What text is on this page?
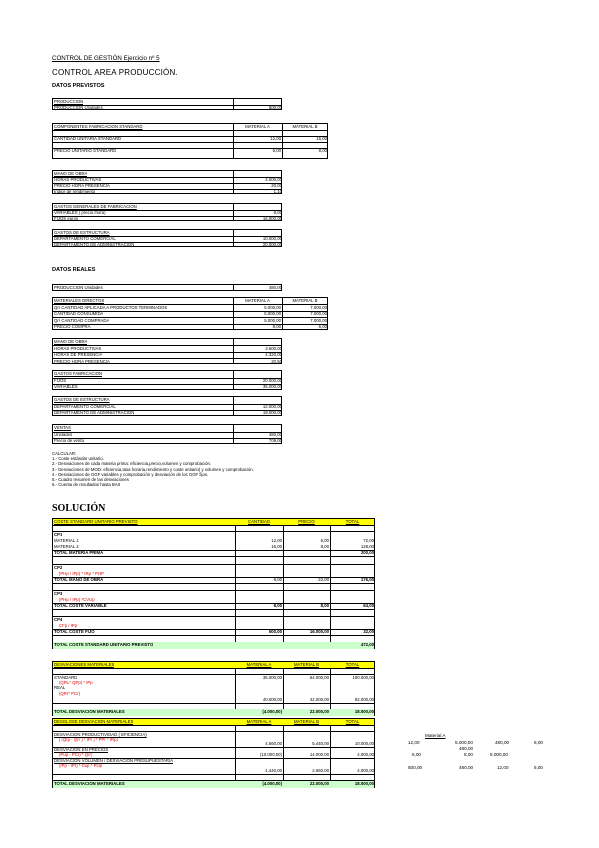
CONTROL DE GESTIÓN Ejercicio nº 5
CONTROL AREA PRODUCCIÓN.
DATOS PREVISTOS
PRODUCCION
PRODUCCION Unidades	500,00
COMPONENTES FABRICACION STANDARD	MATERIAL A	MATERIAL B
CANTIDAD UNITARIA STANDARD	12,00	16,00
PRECIO UNITARIO STANDARD	6,00	8,00
MANO DE OBRA
HORAS PRODUCTIVAS	4.000,00
PRECIO HORA PRESENCIA	20,00
Indice de rendimiento	1,10
GASTOS GENERALES DE FABRICACION
VARIABLES ( precio /hora)	8,00
FIJOS euros	16.000,00
GASTOS DE ESTRUCTURA
DEPARTAMENTO COMERCIAL	10.000,00
DEPARTAMENTO DE ADMINISTRACION	20.000,00
DATOS REALES
PRODUCCION Unidades	480,00
MATERIALES DIRECTOS	MATERIAL A	MATERIAL B
Qrr CANTIDAD APLICADA A PRODUCTOS TERMINADOS	5.000,00	7.000,00
CANTIDAD CONSUMIDA	5.000,00	7.000,00
Qrr CANTIDAD COMPRADA	5.000,00	7.000,00
PRECIO COMPRA	8,00	6,00
MANO DE OBRA
HORAS PRODUCTIVAS	3.600,00
HORAS DE PRESENCIA	4.320,00
PRECIO HORA PRESENCIA	20,50
GASTOS FABRICACION
FIJOS	20.000,00
VARIABLES	35.000,00
GASTOS DE ESTRUCTURA
DEPARTAMENTO COMERCIAL	12.000,00
DEPARTAMENTO DE ADMINISTRACION	19.000,00
VENTAS
Unidades	480,00
Precio de venta	708,00
CALCULAR:
1.- Coste estándar unitario.
2.- Desviaciones de cada materia prima: eficiencia,precio,volumen y comprobación.
3.- Desviaciones de MOD: eficiencia,tasa horaria,rendimiento y coste unitario) y volumen y comprobación.
4.- Desviaciones de GGF variables y comprobación y desviación de los GGF fijos.
5.- Cuadro resumen de las desviaciones
6.- Cuenta de resultados hasta BAII
SOLUCIÓN
COSTE STANDARD UNITARIO PREVISTO	CANTIDAD	PRECIO	TOTAL
CP1
MATERIAL 1	12,00	6,00	72,00
MATERIAL 2	16,00	8,00	128,00
TOTAL MATERIA PRIMA	200,00
CP2
(PHp / IPp) * IRp * PHP
TOTAL MANO DE OBRA	8,00	22,00	176,00
CP3
(PHp / IPp) *CVUp
TOTAL COSTE VARIABLE	8,00	8,00	64,00
CP4
CFp / IPp
TOTAL COSTE FIJO	500,00	16.000,00	32,00
TOTAL COSTE STANDARD UNITARIO PREVISTO	472,00
DESVIACIONES MATERIALES	MATERIAL A	MATERIAL B	TOTAL
STANDARD	36.000,00	64.000,00	100.000,00
(QRL* QPp) * IPp
REAL
(QRr* PCr)
40.000,00	42.000,00	82.000,00
TOTAL DESVIACION MATERIALES	(4.000,00)	22.000,00	18.000,00
DESGLOSE DESVIACION MATERIALES	MATERIAL A	MATERIAL B	TOTAL
DESVIACION PRODUCTIVIDAD ( EFICIENCIA)
[ (Qrp - Qrr ) * IPr ] * PPr * IRp)
4.560,00	5.440,00	10.000,00
DESVIACION EN PRECIOS
(Pup - PCr) * Qrr)	(10.000,00)	14.000,00	4.000,00
DESVIACION VOLUMEN / DESVIACION PRESUPUESTARIA
(IPp - IPr) * Cup * PUp
1.440,00	2.560,00	4.000,00
TOTAL DESVIACION MATERIALES	(4.000,00)	22.000,00	18.000,00
Material A
12,00	5.000,00	480,00	6,00
480,00
6,00	8,00	5.000,00
500,00	480,00	12,00	6,00
